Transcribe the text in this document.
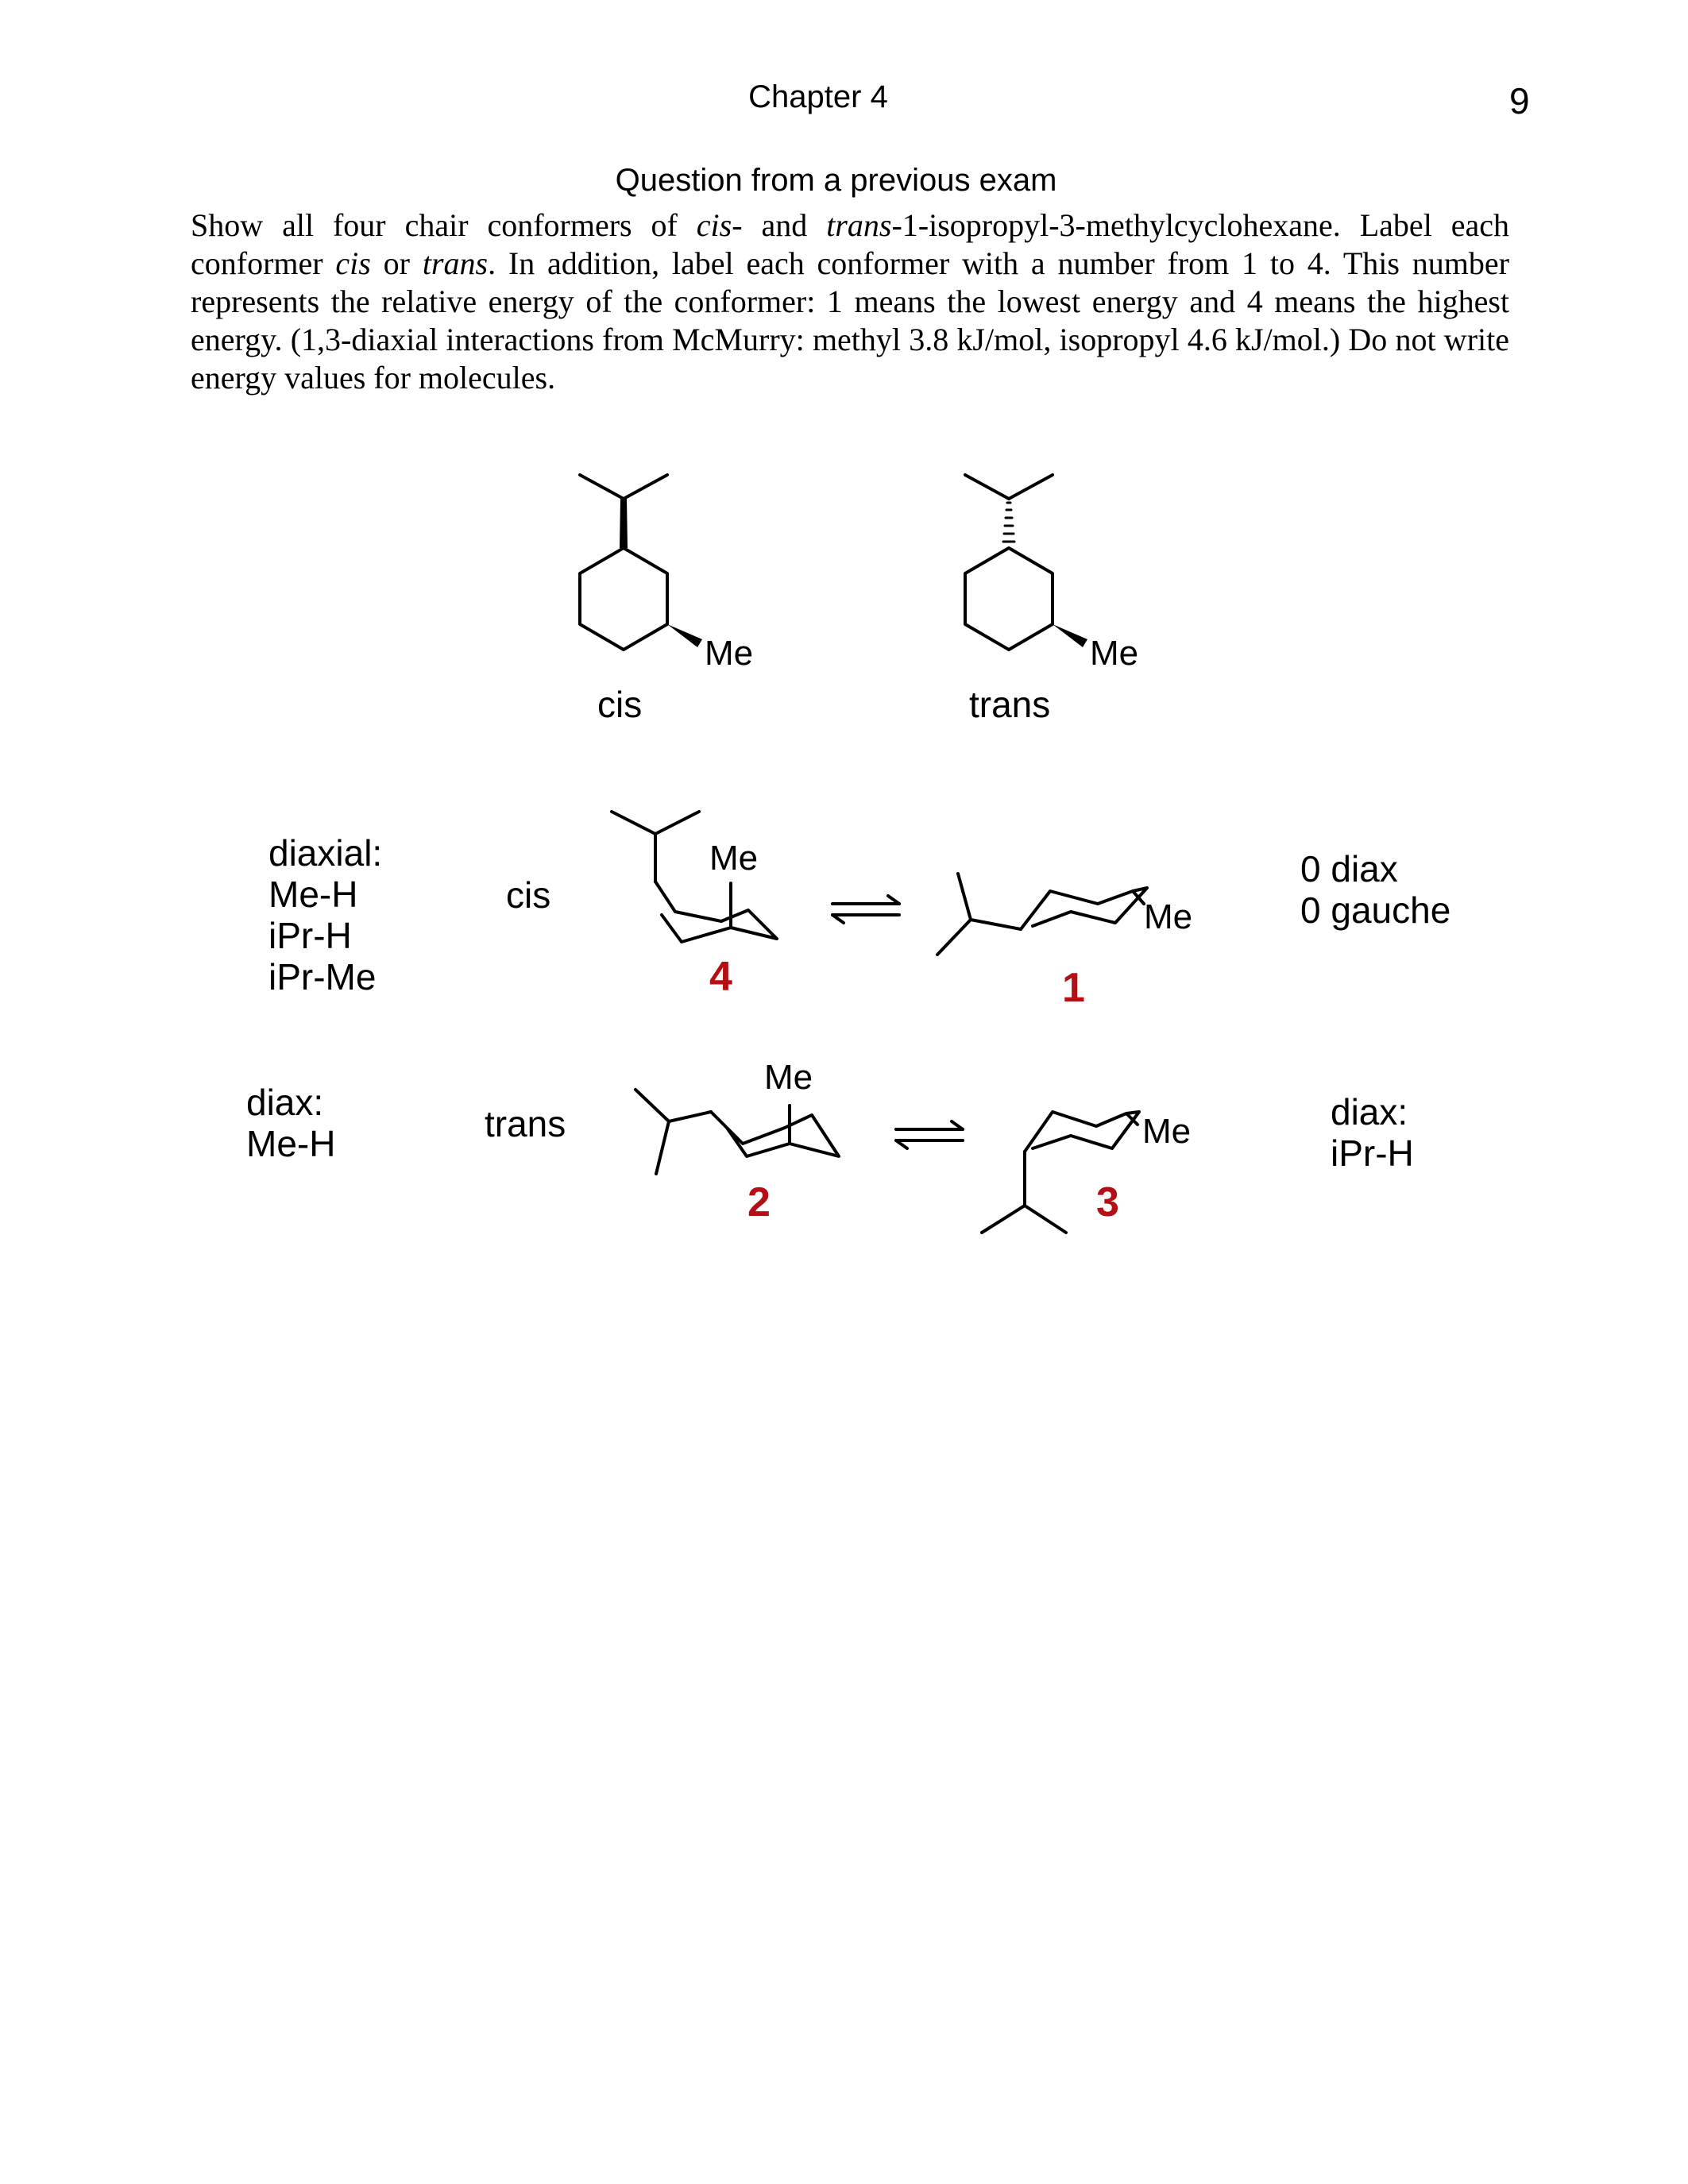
Chapter 4	9
Question from a previous exam
Show all four chair conformers of cis- and trans-1-isopropyl-3-methylcyclohexane. Label each conformer cis or trans. In addition, label each conformer with a number from 1 to 4. This number represents the relative energy of the conformer: 1 means the lowest energy and 4 means the highest energy. (1,3-diaxial interactions from McMurry: methyl 3.8 kJ/mol, isopropyl 4.6 kJ/mol.) Do not write energy values for molecules.
Me
cis
Me
trans
diaxial:
Me-H
iPr-H
iPr-Me
cis
Me
4
Me
1
0 diax
0 gauche
diax:
Me-H	trans
Me
2
Me
3
diax:
iPr-H
